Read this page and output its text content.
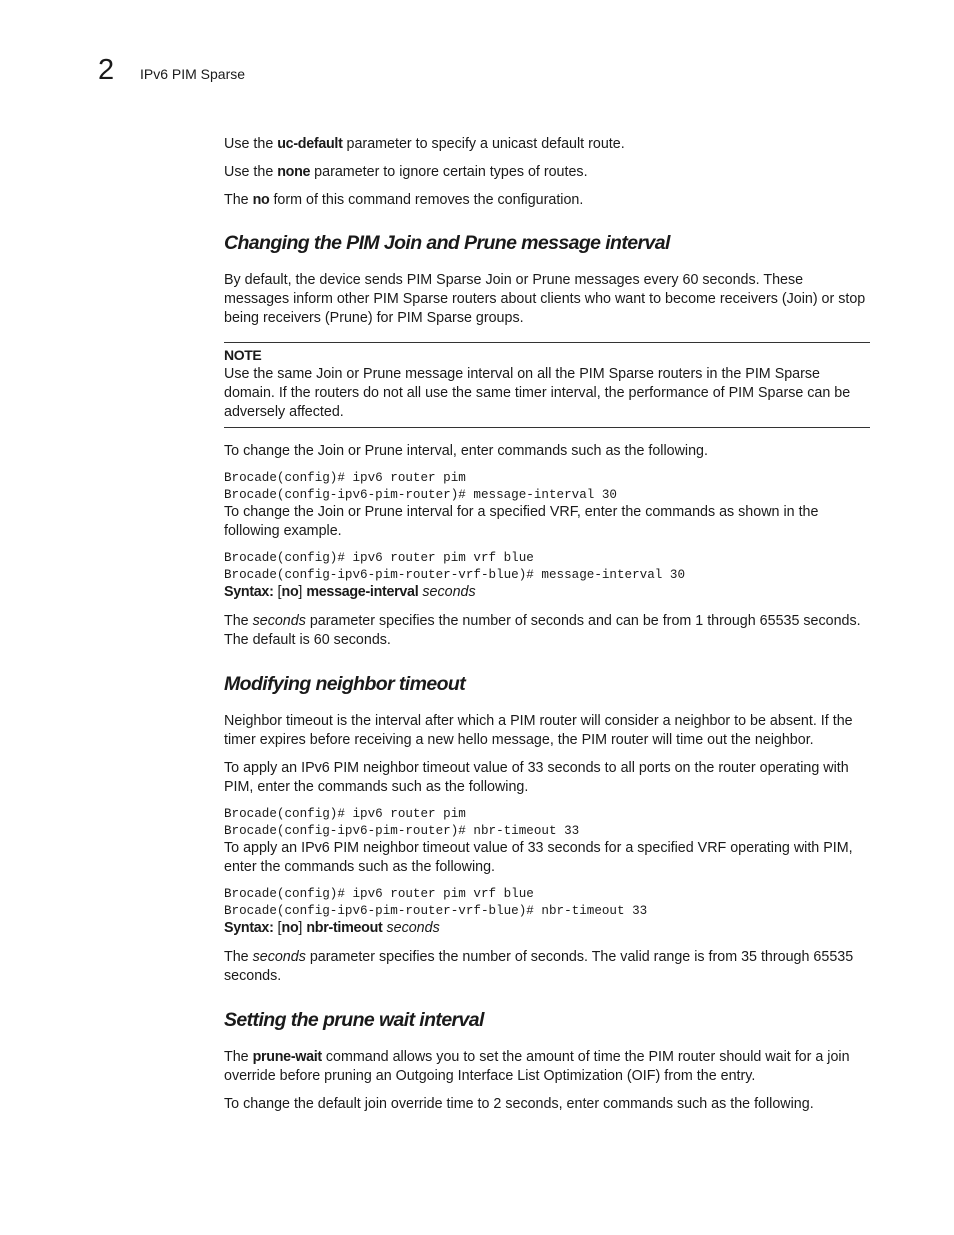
2 IPv6 PIM Sparse

Use the uc-default parameter to specify a unicast default route.

Use the none parameter to ignore certain types of routes.

The no form of this command removes the configuration.

Changing the PIM Join and Prune message interval

By default, the device sends PIM Sparse Join or Prune messages every 60 seconds. These messages inform other PIM Sparse routers about clients who want to become receivers (Join) or stop being receivers (Prune) for PIM Sparse groups.

NOTE
Use the same Join or Prune message interval on all the PIM Sparse routers in the PIM Sparse domain. If the routers do not all use the same timer interval, the performance of PIM Sparse can be adversely affected.

To change the Join or Prune interval, enter commands such as the following.

Brocade(config)# ipv6 router pim
Brocade(config-ipv6-pim-router)# message-interval 30

To change the Join or Prune interval for a specified VRF, enter the commands as shown in the following example.

Brocade(config)# ipv6 router pim vrf blue
Brocade(config-ipv6-pim-router-vrf-blue)# message-interval 30

Syntax: [no] message-interval seconds

The seconds parameter specifies the number of seconds and can be from 1 through 65535 seconds. The default is 60 seconds.

Modifying neighbor timeout

Neighbor timeout is the interval after which a PIM router will consider a neighbor to be absent. If the timer expires before receiving a new hello message, the PIM router will time out the neighbor.

To apply an IPv6 PIM neighbor timeout value of 33 seconds to all ports on the router operating with PIM, enter the commands such as the following.

Brocade(config)# ipv6 router pim
Brocade(config-ipv6-pim-router)# nbr-timeout 33

To apply an IPv6 PIM neighbor timeout value of 33 seconds for a specified VRF operating with PIM, enter the commands such as the following.

Brocade(config)# ipv6 router pim vrf blue
Brocade(config-ipv6-pim-router-vrf-blue)# nbr-timeout 33

Syntax: [no] nbr-timeout seconds

The seconds parameter specifies the number of seconds. The valid range is from 35 through 65535 seconds.

Setting the prune wait interval

The prune-wait command allows you to set the amount of time the PIM router should wait for a join override before pruning an Outgoing Interface List Optimization (OIF) from the entry.

To change the default join override time to 2 seconds, enter commands such as the following.
